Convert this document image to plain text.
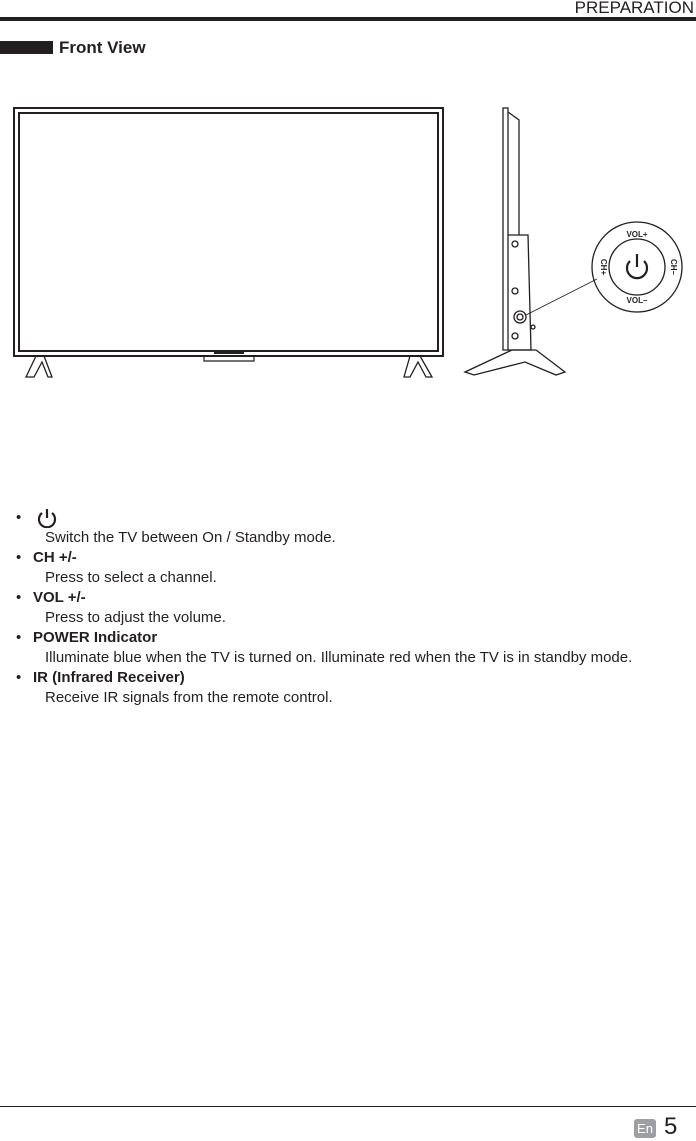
PREPARATION
Front View
VOL+
VOL–
CH+	CH–
•
Switch the TV between On / Standby mode.
• CH +/-
Press to select a channel.
• VOL +/-
Press to adjust the volume.
• POWER Indicator
Illuminate blue when the TV is turned on. Illuminate red when the TV is in standby mode.
• IR (Infrared Receiver)
Receive IR signals from the remote control.
En 5
